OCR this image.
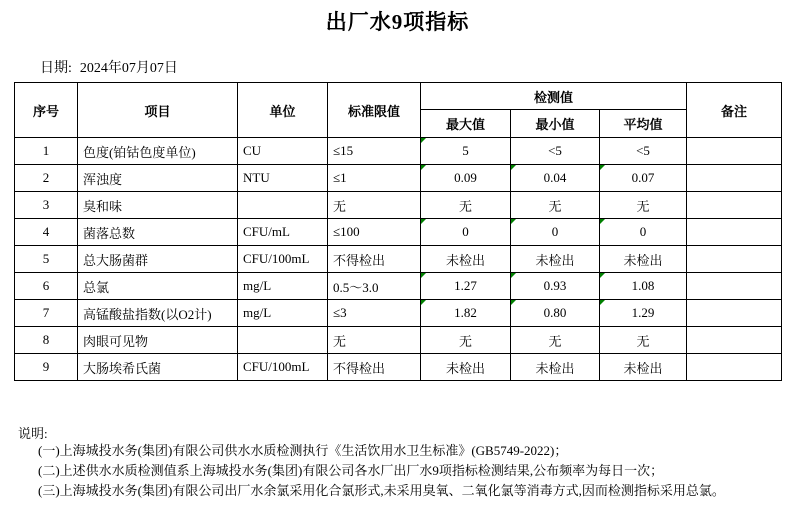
出厂水9项指标
日期: 2024年07月07日
序号	项目	单位	标准限值	检测值			备注
				最大值	最小值	平均值	
1	色度(铂钴色度单位)	CU	≤15	5	<5	<5	
2	浑浊度	NTU	≤1	0.09	0.04	0.07	
3	臭和味		无	无	无	无	
4	菌落总数	CFU/mL	≤100	0	0	0	
5	总大肠菌群	CFU/100mL	不得检出	未检出	未检出	未检出	
6	总氯	mg/L	0.5～3.0	1.27	0.93	1.08	
7	高锰酸盐指数(以O2计)	mg/L	≤3	1.82	0.80	1.29	
8	肉眼可见物		无	无	无	无	
9	大肠埃希氏菌	CFU/100mL	不得检出	未检出	未检出	未检出	
说明:
(一)上海城投水务(集团)有限公司供水水质检测执行《生活饮用水卫生标准》(GB5749-2022)；
(二)上述供水水质检测值系上海城投水务(集团)有限公司各水厂出厂水9项指标检测结果,公布频率为每日一次；
(三)上海城投水务(集团)有限公司出厂水余氯采用化合氯形式,未采用臭氧、二氧化氯等消毒方式,因而检测指标采用总氯。
